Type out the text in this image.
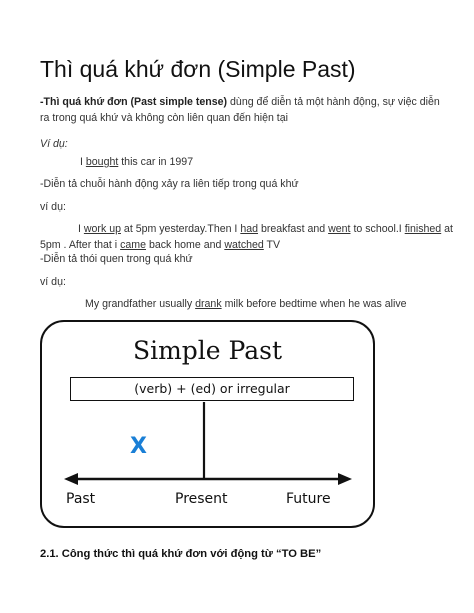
Thì quá khứ đơn (Simple Past)
-Thì quá khứ đơn (Past simple tense) dùng để diễn tả một hành động, sự việc diễn
ra trong quá khứ và không còn liên quan đến hiện tại
Ví dụ:
I bought this car in 1997
-Diễn tả chuỗi hành động xảy ra liên tiếp trong quá khứ
ví dụ:
I work up at 5pm yesterday.Then I had breakfast and went to school.I finished at
5pm . After that i came back home and watched TV
-Diễn tả thói quen trong quá khứ
ví dụ:
My grandfather usually drank milk before bedtime when he was alive
Simple Past
(verb) + (ed) or irregular
X
Past	Present	Future
2.1. Công thức thì quá khứ đơn với động từ “TO BE”
